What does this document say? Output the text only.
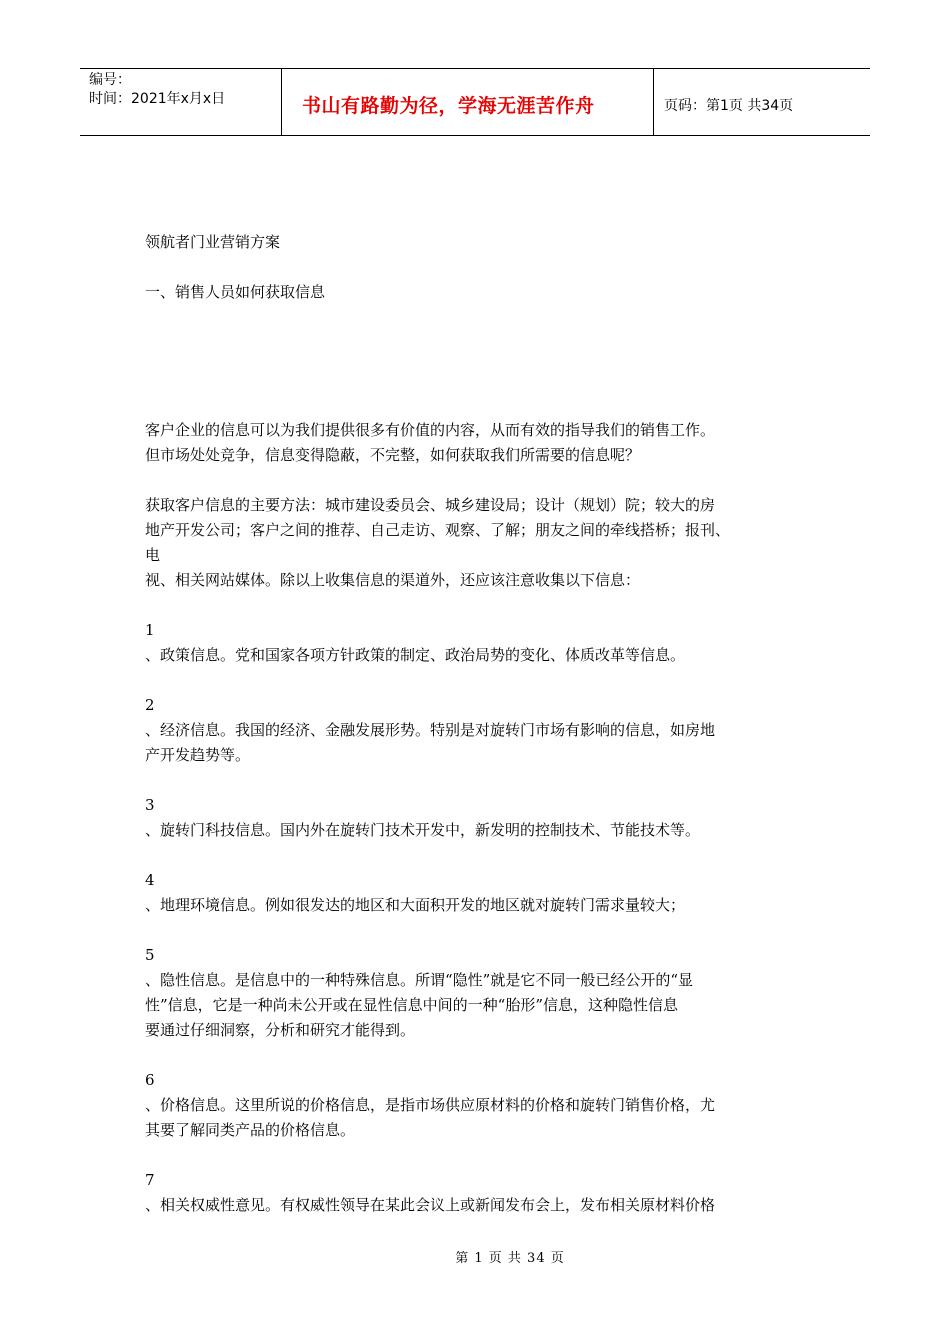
编号：
时间：2021年x月x日	书山有路勤为径，学海无涯苦作舟	页码：第1页 共34页

领航者门业营销方案

一、销售人员如何获取信息

客户企业的信息可以为我们提供很多有价值的内容，从而有效的指导我们的销售工作。

但市场处处竞争，信息变得隐蔽，不完整，如何获取我们所需要的信息呢？

获取客户信息的主要方法：城市建设委员会、城乡建设局；设计（规划）院；较大的房

地产开发公司；客户之间的推荐、自己走访、观察、了解；朋友之间的牵线搭桥；报刊、

电

视、相关网站媒体。除以上收集信息的渠道外，还应该注意收集以下信息：

1

、政策信息。党和国家各项方针政策的制定、政治局势的变化、体质改革等信息。

2

、经济信息。我国的经济、金融发展形势。特别是对旋转门市场有影响的信息，如房地

产开发趋势等。

3

、旋转门科技信息。国内外在旋转门技术开发中，新发明的控制技术、节能技术等。

4

、地理环境信息。例如很发达的地区和大面积开发的地区就对旋转门需求量较大；

5

、隐性信息。是信息中的一种特殊信息。所谓“隐性”就是它不同一般已经公开的“显

性”信息，它是一种尚未公开或在显性信息中间的一种“胎形”信息，这种隐性信息

要通过仔细洞察，分析和研究才能得到。

6

、价格信息。这里所说的价格信息，是指市场供应原材料的价格和旋转门销售价格，尤

其要了解同类产品的价格信息。

7

、相关权威性意见。有权威性领导在某此会议上或新闻发布会上，发布相关原材料价格

第 1 页 共 34 页
